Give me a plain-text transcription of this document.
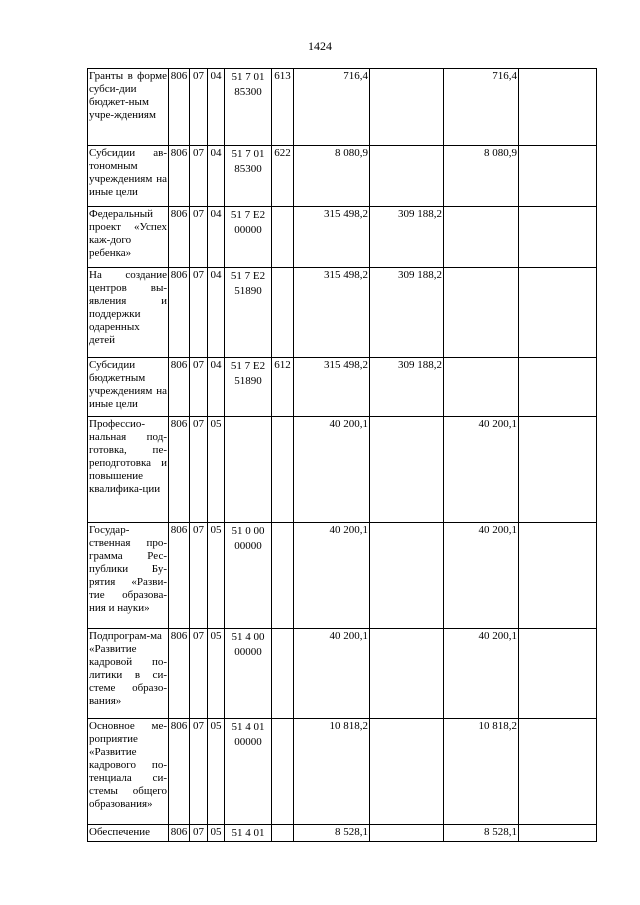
1424
Гранты в форме субси-дии бюджет-ным учре-ждениям	806	07	04	51 7 01 85300	613	716,4		716,4	
Субсидии ав-тономным учреждениям на иные цели	806	07	04	51 7 01 85300	622	8 080,9		8 080,9	
Федеральный проект «Успех каж-дого ребенка»	806	07	04	51 7 Е2 00000		315 498,2	309 188,2		
На создание центров вы-явления и поддержки одаренных детей	806	07	04	51 7 Е2 51890		315 498,2	309 188,2		
Субсидии бюджетным учреждениям на иные цели	806	07	04	51 7 Е2 51890	612	315 498,2	309 188,2		
Профессио-нальная под-готовка, пе-реподготовка и повышение квалифика-ции	806	07	05			40 200,1		40 200,1	
Государ-ственная про-грамма Рес-публики Бу-рятия «Разви-тие образова-ния и науки»	806	07	05	51 0 00 00000		40 200,1		40 200,1	
Подпрограм-ма «Развитие кадровой по-литики в си-стеме образо-вания»	806	07	05	51 4 00 00000		40 200,1		40 200,1	
Основное ме-роприятие «Развитие кадрового по-тенциала си-стемы общего образования»	806	07	05	51 4 01 00000		10 818,2		10 818,2	
Обеспечение	806	07	05	51 4 01		8 528,1		8 528,1	
